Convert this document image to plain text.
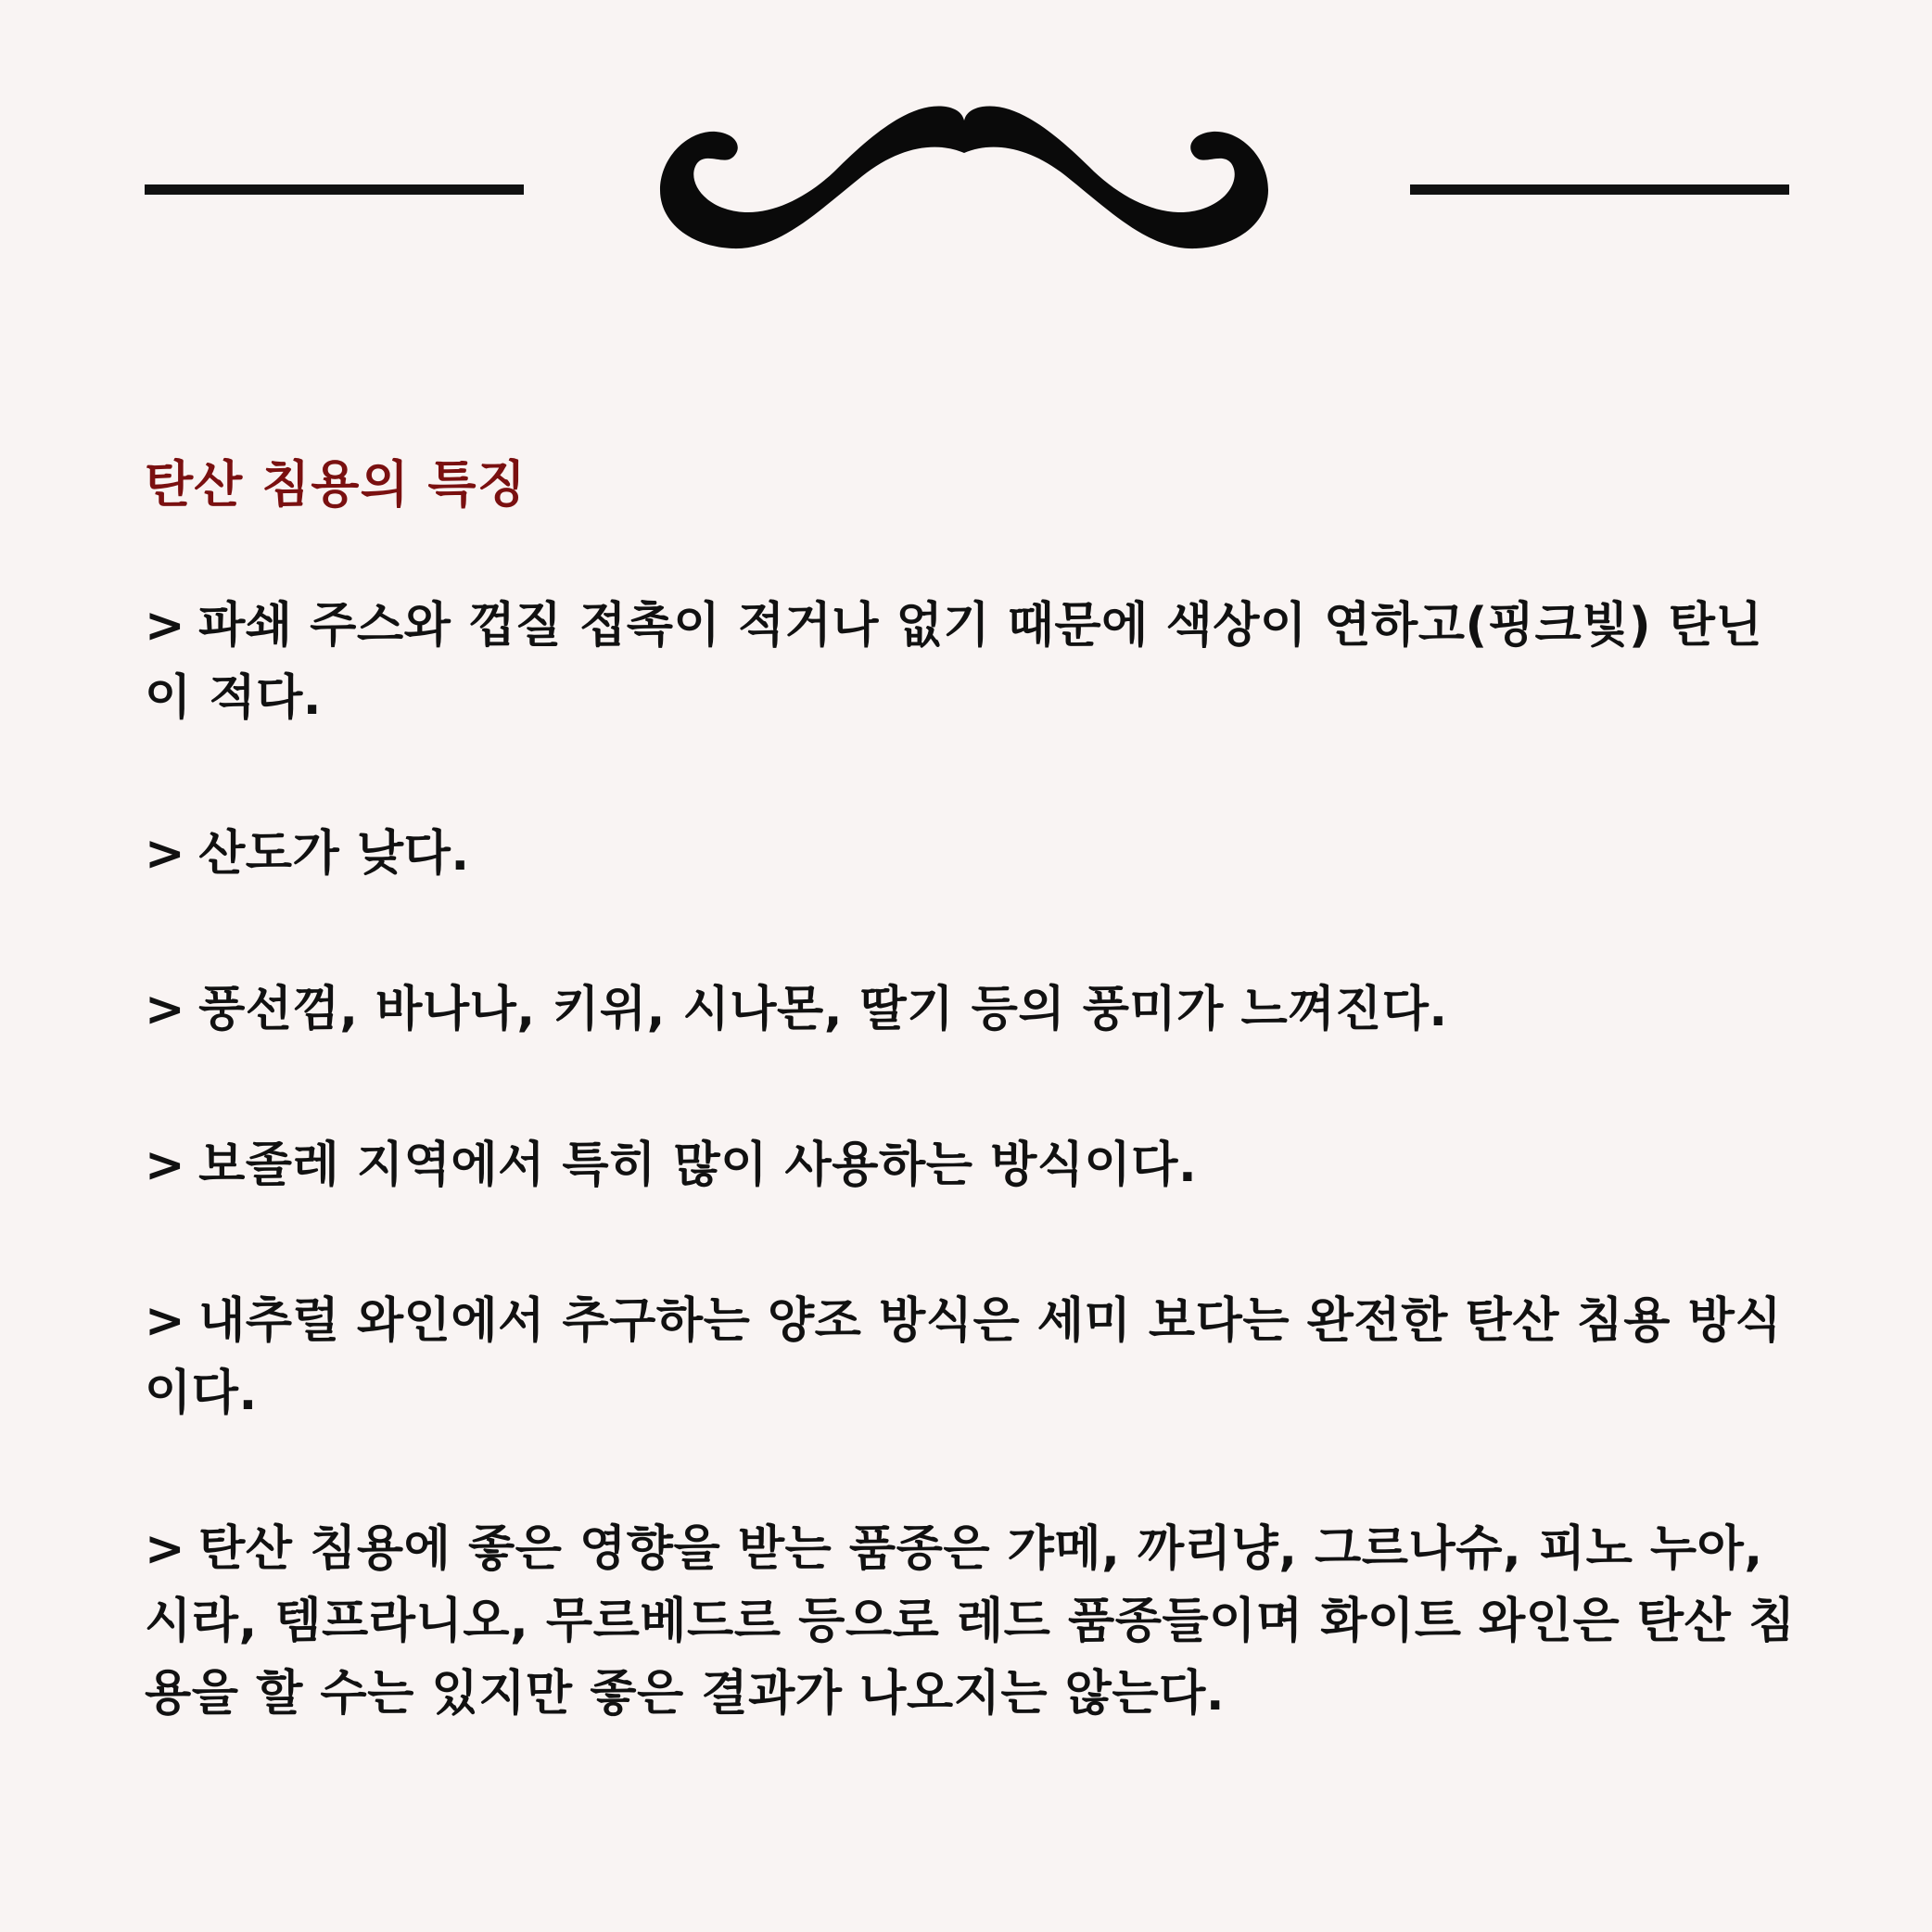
탄산 침용의 특징

> 파쇄 주스와 껍질 접촉이 적거나 없기 때문에 색상이 연하고(핑크빛) 탄닌이 적다.

> 산도가 낮다.

> 풍선껌, 바나나, 키위, 시나몬, 딸기 등의 풍미가 느껴진다.

> 보졸레 지역에서 특히 많이 사용하는 방식이다.

> 내추럴 와인에서 추구하는 양조 방식은 세미 보다는 완전한 탄산 침용 방식이다.

> 탄산 침용에 좋은 영향을 받는 품종은 갸메, 까리냥, 그르나슈, 피노 누아, 시라, 템프라니오, 무르베드르 등으로 레드 품종들이며 화이트 와인은 탄산 침용을 할 수는 있지만 좋은 결과가 나오지는 않는다.
